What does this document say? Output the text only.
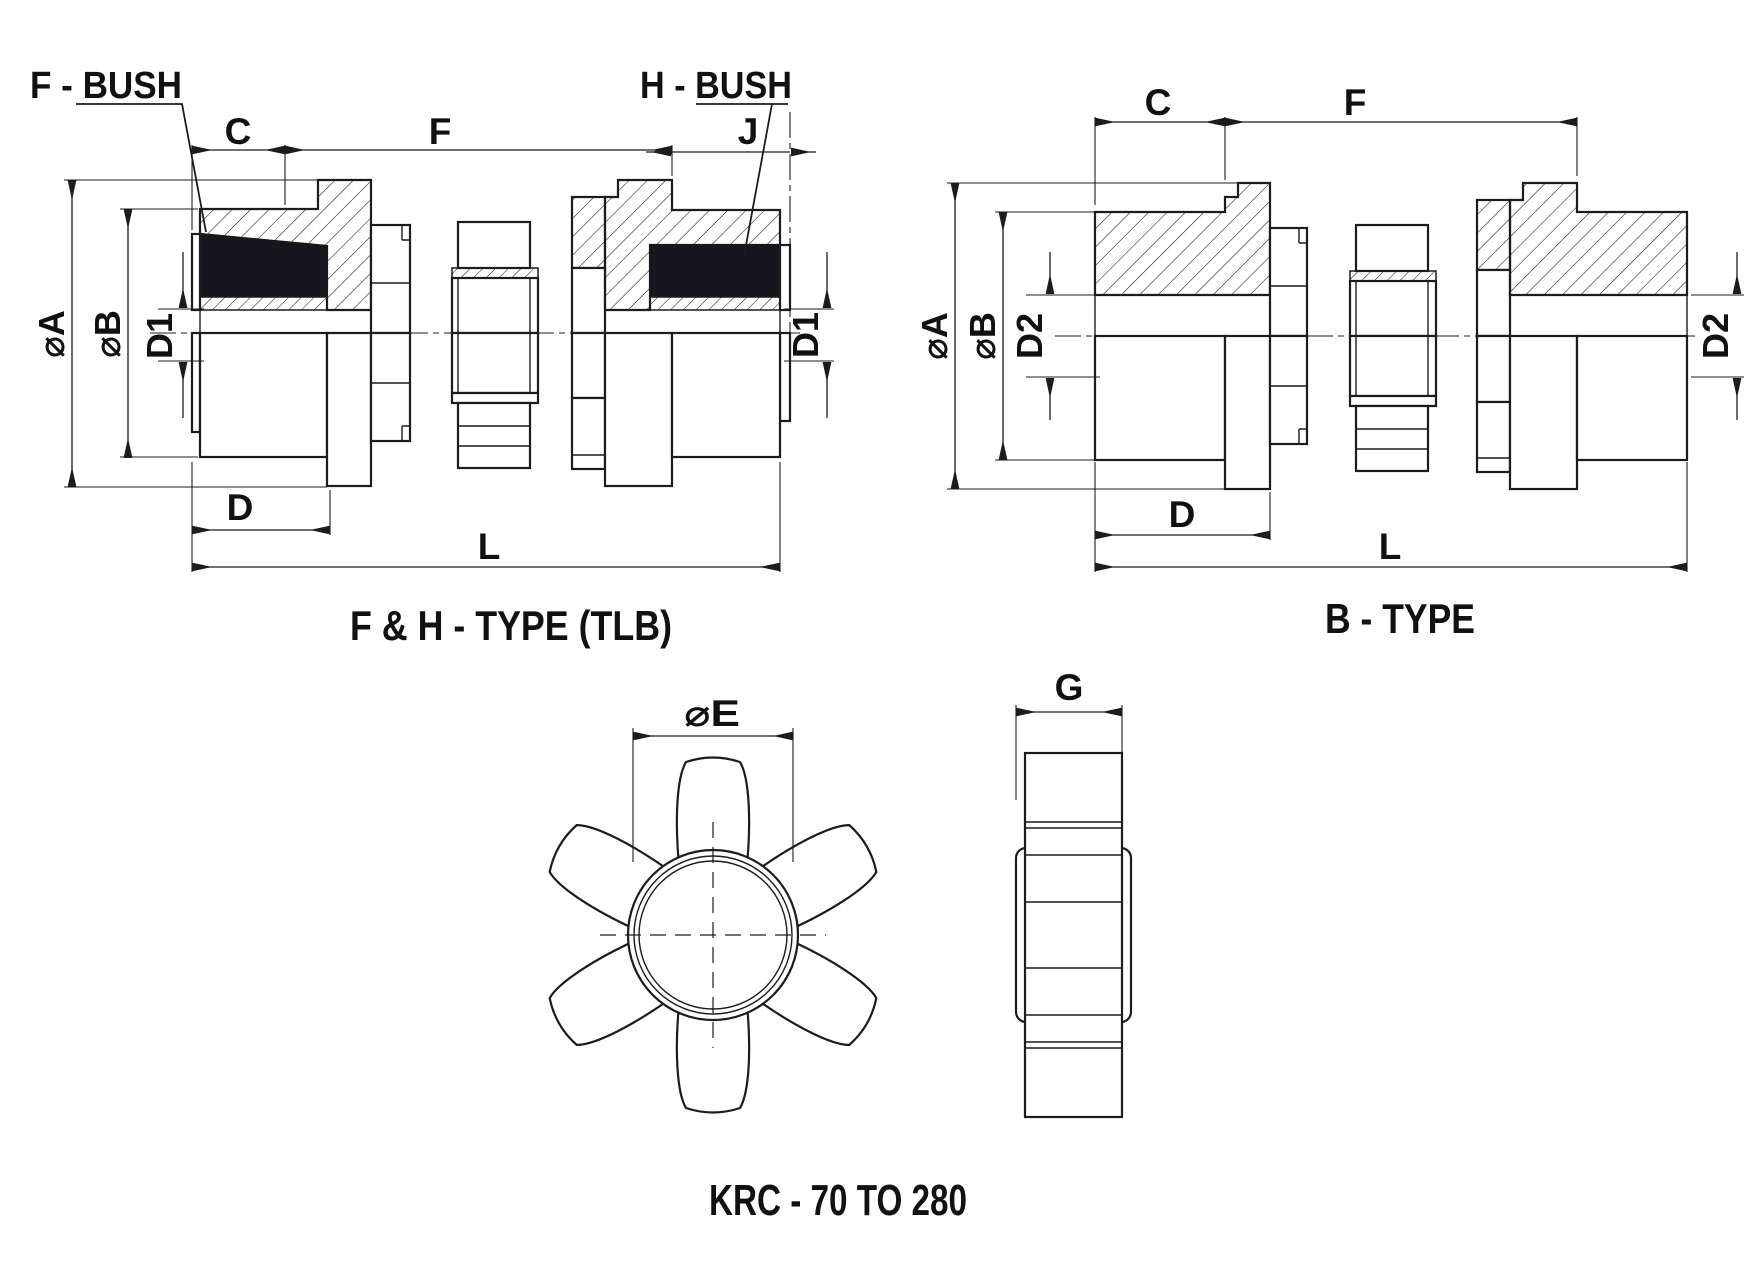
F - BUSH	H - BUSH
C	F	J
⌀A ⌀B D1	D1
D
L
F & H - TYPE (TLB)
C	F
⌀A ⌀B D2	D2
D
L
B - TYPE
⌀E
G
KRC - 70 TO 280
